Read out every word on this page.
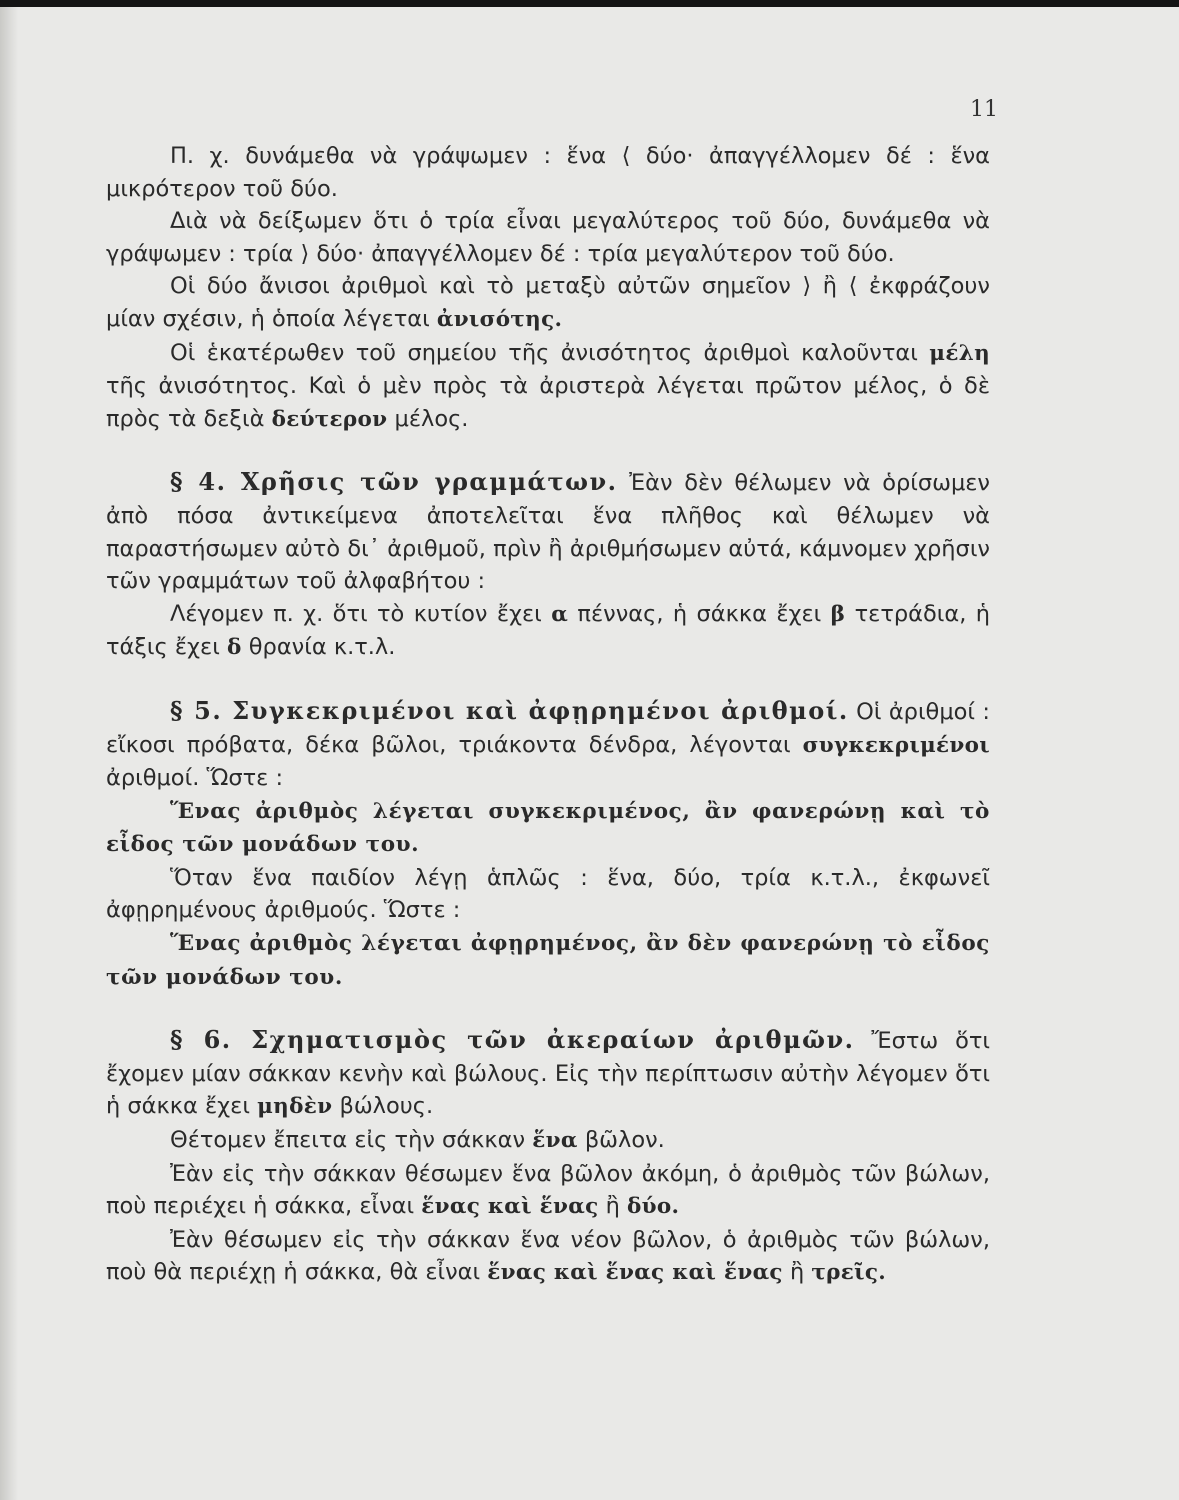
11

Π. χ. δυνάμεθα νὰ γράψωμεν : ἕνα ⟨ δύο· ἀπαγγέλλομεν δέ : ἕνα μικρότερον τοῦ δύο.

Διὰ νὰ δείξωμεν ὅτι ὁ τρία εἶναι μεγαλύτερος τοῦ δύο, δυνάμεθα νὰ γράψωμεν : τρία ⟩ δύο· ἀπαγγέλλομεν δέ : τρία μεγαλύτερον τοῦ δύο.

Οἱ δύο ἄνισοι ἀριθμοὶ καὶ τὸ μεταξὺ αὐτῶν σημεῖον ⟩ ἢ ⟨ ἐκφράζουν μίαν σχέσιν, ἡ ὁποία λέγεται ἀνισότης.

Οἱ ἑκατέρωθεν τοῦ σημείου τῆς ἀνισότητος ἀριθμοὶ καλοῦνται μέλη τῆς ἀνισότητος. Καὶ ὁ μὲν πρὸς τὰ ἀριστερὰ λέγεται πρῶτον μέλος, ὁ δὲ πρὸς τὰ δεξιὰ δεύτερον μέλος.

§ 4. Χρῆσις τῶν γραμμάτων. Ἐὰν δὲν θέλωμεν νὰ ὁρίσωμεν ἀπὸ πόσα ἀντικείμενα ἀποτελεῖται ἕνα πλῆθος καὶ θέλωμεν νὰ παραστήσωμεν αὐτὸ δι᾽ ἀριθμοῦ, πρὶν ἢ ἀριθμήσωμεν αὐτά, κάμνομεν χρῆσιν τῶν γραμμάτων τοῦ ἀλφαβήτου :

Λέγομεν π. χ. ὅτι τὸ κυτίον ἔχει α πέννας, ἡ σάκκα ἔχει β τετράδια, ἡ τάξις ἔχει δ θρανία κ.τ.λ.

§ 5. Συγκεκριμένοι καὶ ἀφῃρημένοι ἀριθμοί. Οἱ ἀριθμοί : εἴκοσι πρόβατα, δέκα βῶλοι, τριάκοντα δένδρα, λέγονται συγκεκριμένοι ἀριθμοί. Ὥστε :

Ἕνας ἀριθμὸς λέγεται συγκεκριμένος, ἂν φανερώνῃ καὶ τὸ εἶδος τῶν μονάδων του.

Ὅταν ἕνα παιδίον λέγῃ ἁπλῶς : ἕνα, δύο, τρία κ.τ.λ., ἐκφωνεῖ ἀφῃρημένους ἀριθμούς. Ὥστε :

Ἕνας ἀριθμὸς λέγεται ἀφῃρημένος, ἂν δὲν φανερώνῃ τὸ εἶδος τῶν μονάδων του.

§ 6. Σχηματισμὸς τῶν ἀκεραίων ἀριθμῶν. Ἔστω ὅτι ἔχομεν μίαν σάκκαν κενὴν καὶ βώλους. Εἰς τὴν περίπτωσιν αὐτὴν λέγομεν ὅτι ἡ σάκκα ἔχει μηδὲν βώλους.

Θέτομεν ἔπειτα εἰς τὴν σάκκαν ἕνα βῶλον.

Ἐὰν εἰς τὴν σάκκαν θέσωμεν ἕνα βῶλον ἀκόμη, ὁ ἀριθμὸς τῶν βώλων, ποὺ περιέχει ἡ σάκκα, εἶναι ἕνας καὶ ἕνας ἢ δύο.

Ἐὰν θέσωμεν εἰς τὴν σάκκαν ἕνα νέον βῶλον, ὁ ἀριθμὸς τῶν βώλων, ποὺ θὰ περιέχῃ ἡ σάκκα, θὰ εἶναι ἕνας καὶ ἕνας καὶ ἕνας ἢ τρεῖς.
